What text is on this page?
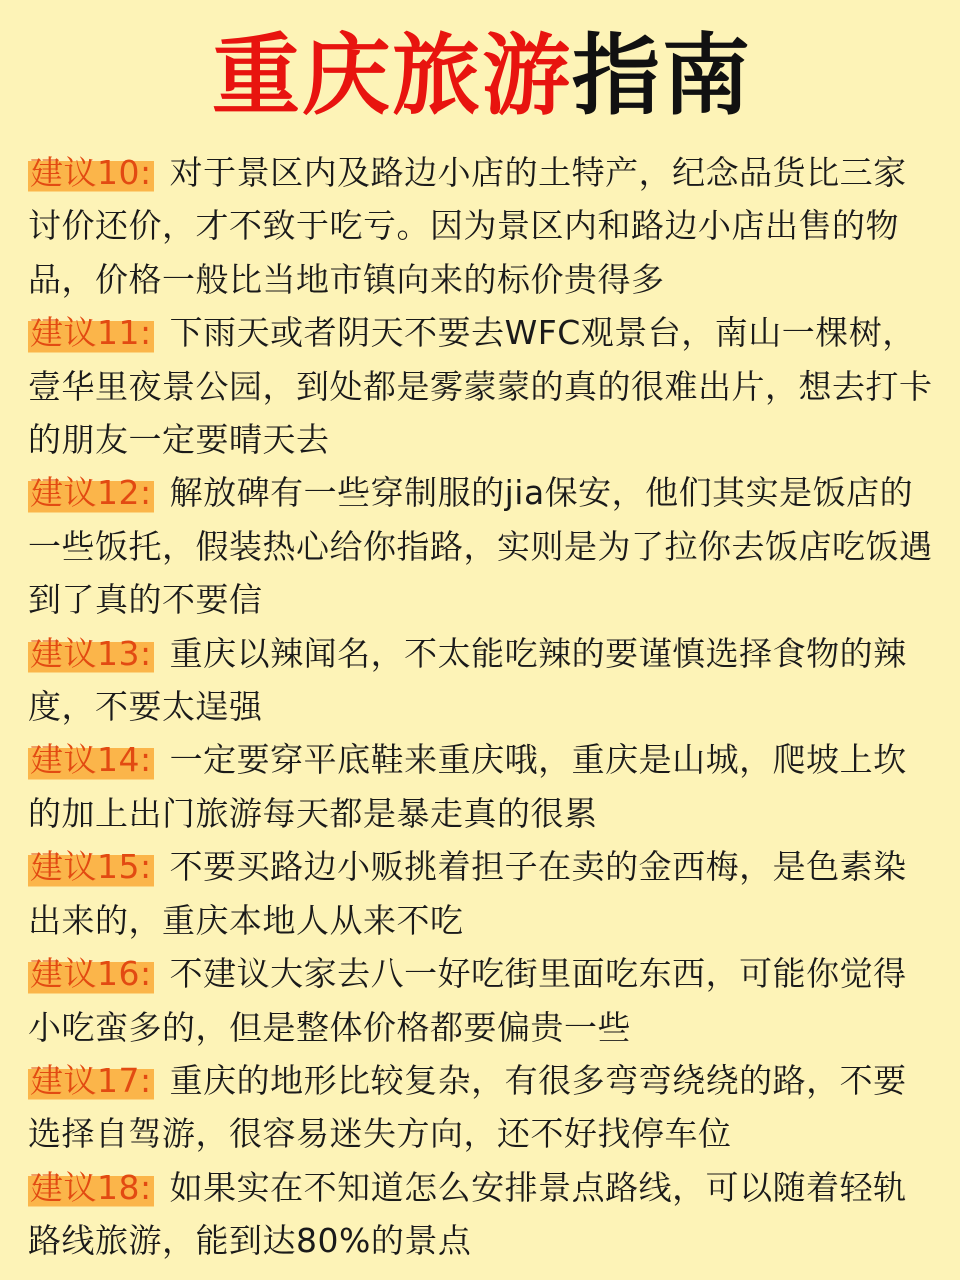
重庆旅游指南

建议10: 对于景区内及路边小店的土特产，纪念品货比三家讨价还价，才不致于吃亏。因为景区内和路边小店出售的物品，价格一般比当地市镇向来的标价贵得多

建议11: 下雨天或者阴天不要去WFC观景台，南山一棵树，壹华里夜景公园，到处都是雾蒙蒙的真的很难出片，想去打卡的朋友一定要晴天去

建议12: 解放碑有一些穿制服的jia保安，他们其实是饭店的一些饭托，假装热心给你指路，实则是为了拉你去饭店吃饭遇到了真的不要信

建议13: 重庆以辣闻名，不太能吃辣的要谨慎选择食物的辣度，不要太逞强

建议14: 一定要穿平底鞋来重庆哦，重庆是山城，爬坡上坎的加上出门旅游每天都是暴走真的很累

建议15: 不要买路边小贩挑着担子在卖的金西梅，是色素染出来的，重庆本地人从来不吃

建议16: 不建议大家去八一好吃街里面吃东西，可能你觉得小吃蛮多的，但是整体价格都要偏贵一些

建议17: 重庆的地形比较复杂，有很多弯弯绕绕的路，不要选择自驾游，很容易迷失方向，还不好找停车位

建议18: 如果实在不知道怎么安排景点路线，可以随着轻轨路线旅游，能到达80%的景点
